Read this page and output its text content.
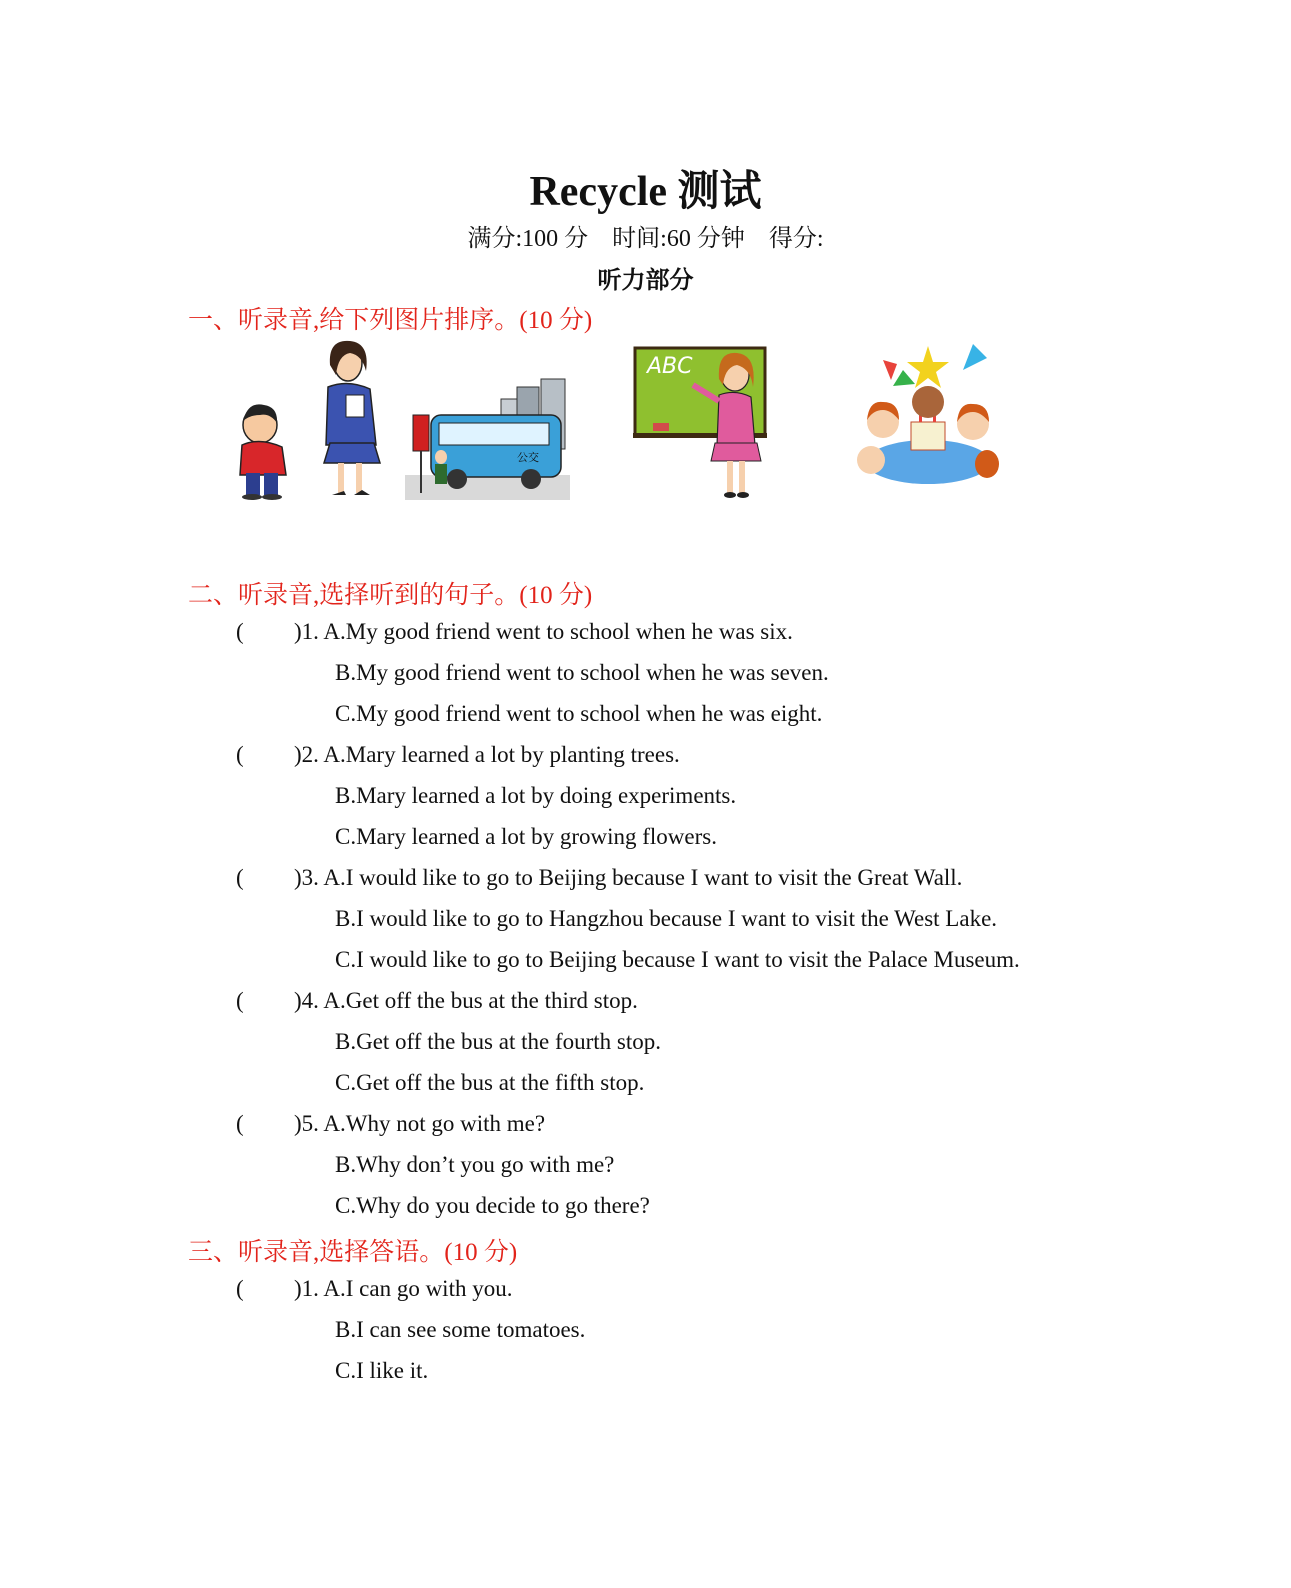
Recycle 测试
满分:100 分    时间:60 分钟    得分:
听力部分
一、听录音,给下列图片排序。(10 分)
公交
ABC
二、听录音,选择听到的句子。(10 分)
( )1. A.My good friend went to school when he was six.
B.My good friend went to school when he was seven.
C.My good friend went to school when he was eight.
( )2. A.Mary learned a lot by planting trees.
B.Mary learned a lot by doing experiments.
C.Mary learned a lot by growing flowers.
( )3. A.I would like to go to Beijing because I want to visit the Great Wall.
B.I would like to go to Hangzhou because I want to visit the West Lake.
C.I would like to go to Beijing because I want to visit the Palace Museum.
( )4. A.Get off the bus at the third stop.
B.Get off the bus at the fourth stop.
C.Get off the bus at the fifth stop.
( )5. A.Why not go with me?
B.Why don’t you go with me?
C.Why do you decide to go there?
三、听录音,选择答语。(10 分)
( )1. A.I can go with you.
B.I can see some tomatoes.
C.I like it.
